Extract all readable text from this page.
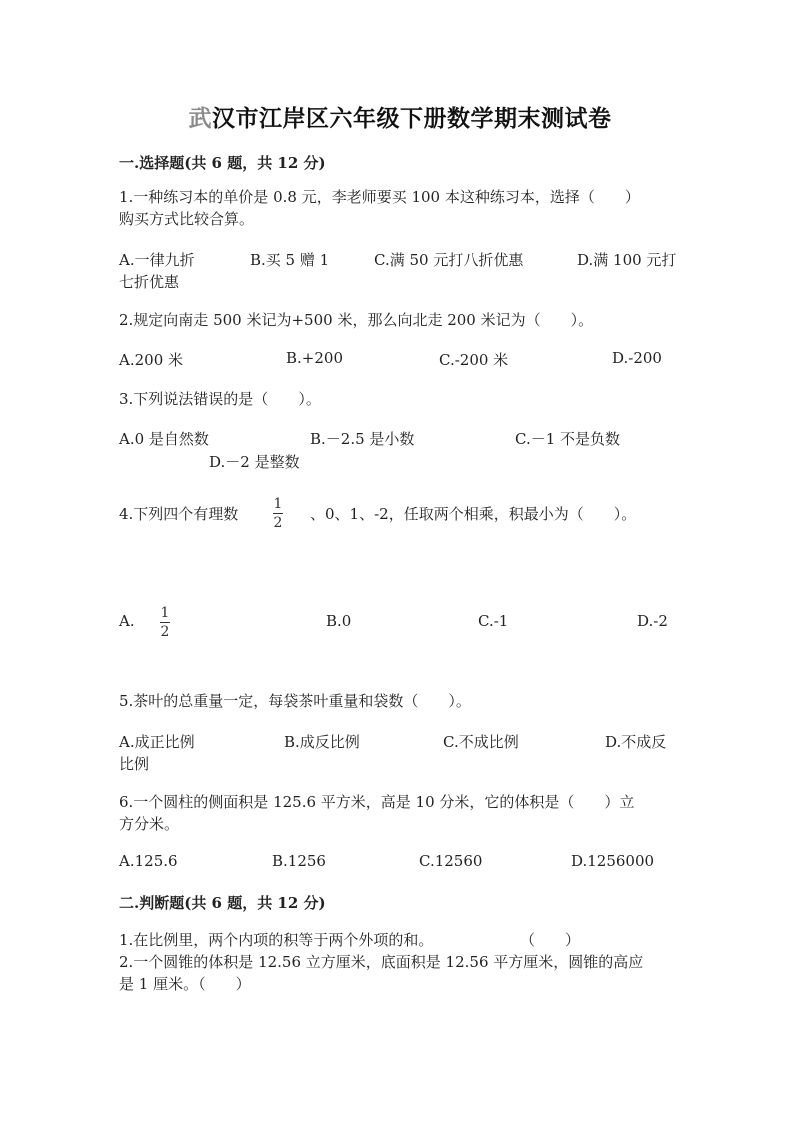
武汉市江岸区六年级下册数学期末测试卷
一.选择题(共 6 题，共 12 分)
1.一种练习本的单价是 0.8 元，李老师要买 100 本这种练习本，选择（　　）
购买方式比较合算。
A.一律九折	B.买 5 赠 1	C.满 50 元打八折优惠	D.满 100 元打
七折优惠
2.规定向南走 500 米记为+500 米，那么向北走 200 米记为（　　）。
A.200 米	B.+200	C.-200 米	D.-200
3.下列说法错误的是（　　）。
A.0 是自然数	B.－2.5 是小数	C.－1 不是负数
D.－2 是整数
4.下列四个有理数
1
2 、0、1、-2，任取两个相乘，积最小为（　　）。
A. 1
2
B.0	C.-1	D.-2
5.茶叶的总重量一定，每袋茶叶重量和袋数（　　）。
A.成正比例	B.成反比例	C.不成比例	D.不成反
比例
6.一个圆柱的侧面积是 125.6 平方米，高是 10 分米，它的体积是（　　）立
方分米。
A.125.6	B.1256	C.12560	D.1256000
二.判断题(共 6 题，共 12 分)
1.在比例里，两个内项的积等于两个外项的和。	（　　）
2.一个圆锥的体积是 12.56 立方厘米，底面积是 12.56 平方厘米，圆锥的高应
是 1 厘米。（　　）
